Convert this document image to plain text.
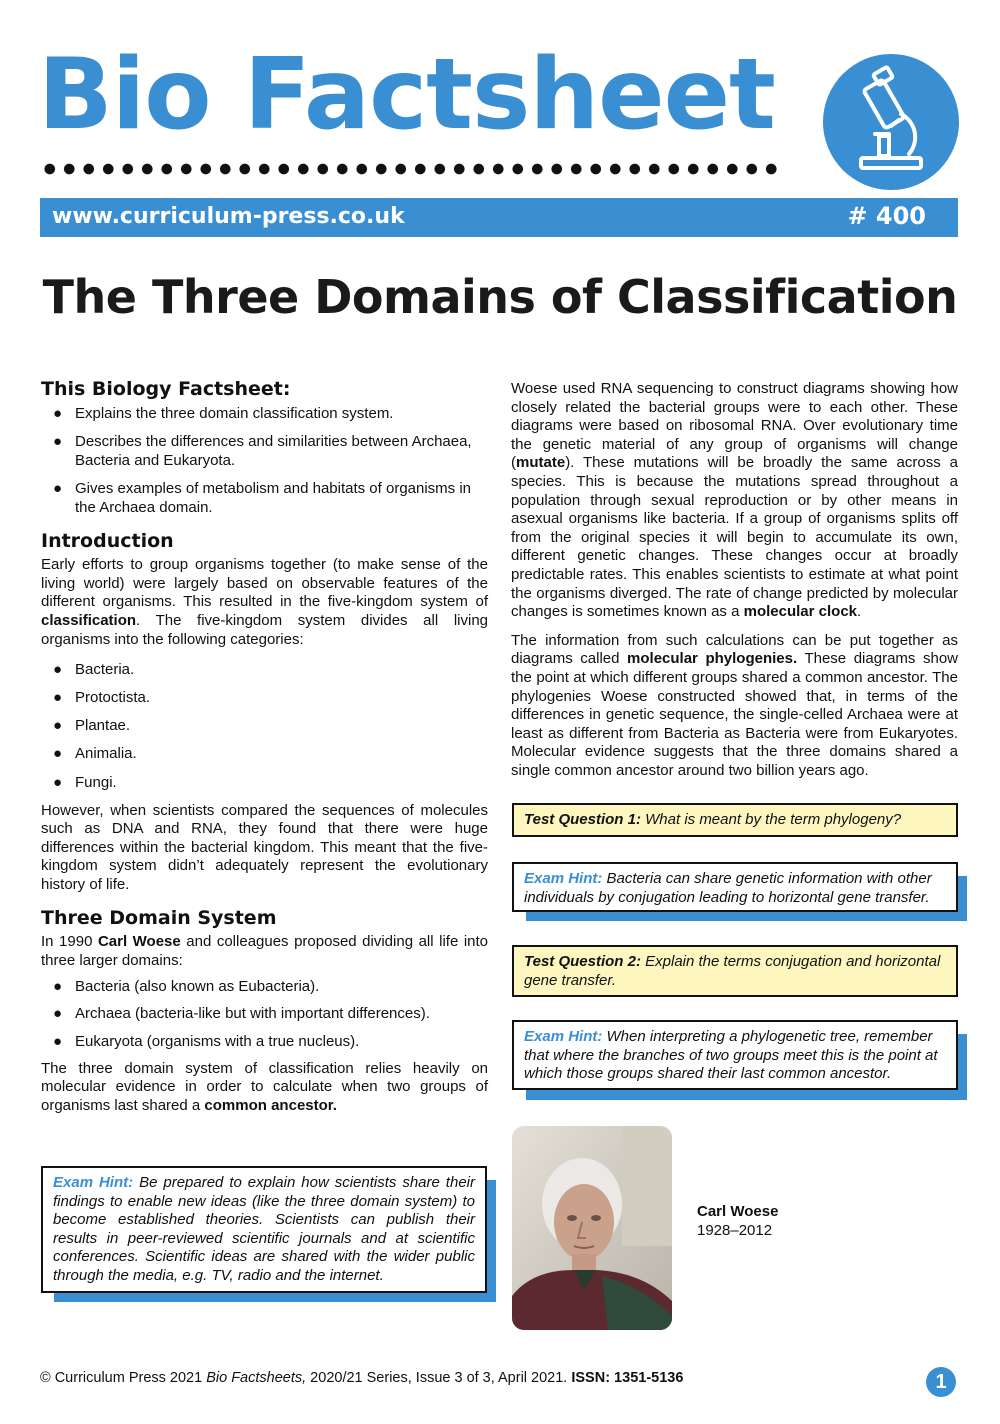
Bio Factsheet
www.curriculum-press.co.uk	# 400
The Three Domains of Classification
This Biology Factsheet:
● Explains the three domain classification system.
● Describes the differences and similarities between Archaea, Bacteria and Eukaryota.
● Gives examples of metabolism and habitats of organisms in the Archaea domain.
Introduction

Early efforts to group organisms together (to make sense of the living world) were largely based on observable features of the different organisms. This resulted in the five-kingdom system of classification. The five-kingdom system divides all living organisms into the following categories:

● Bacteria.
● Protoctista.
● Plantae.
● Animalia.
● Fungi.

However, when scientists compared the sequences of molecules such as DNA and RNA, they found that there were huge differences within the bacterial kingdom. This meant that the five-kingdom system didn’t adequately represent the evolutionary history of life.

Three Domain System

In 1990 Carl Woese and colleagues proposed dividing all life into three larger domains:

● Bacteria (also known as Eubacteria).
● Archaea (bacteria-like but with important differences).
● Eukaryota (organisms with a true nucleus).

The three domain system of classification relies heavily on molecular evidence in order to calculate when two groups of organisms last shared a common ancestor.

Exam Hint: Be prepared to explain how scientists share their findings to enable new ideas (like the three domain system) to become established theories. Scientists can publish their results in peer-reviewed scientific journals and at scientific conferences. Scientific ideas are shared with the wider public through the media, e.g. TV, radio and the internet.

Woese used RNA sequencing to construct diagrams showing how closely related the bacterial groups were to each other. These diagrams were based on ribosomal RNA. Over evolutionary time the genetic material of any group of organisms will change (mutate). These mutations will be broadly the same across a species. This is because the mutations spread throughout a population through sexual reproduction or by other means in asexual organisms like bacteria. If a group of organisms splits off from the original species it will begin to accumulate its own, different genetic changes. These changes occur at broadly predictable rates. This enables scientists to estimate at what point the organisms diverged. The rate of change predicted by molecular changes is sometimes known as a molecular clock.

The information from such calculations can be put together as diagrams called molecular phylogenies. These diagrams show the point at which different groups shared a common ancestor. The phylogenies Woese constructed showed that, in terms of the differences in genetic sequence, the single-celled Archaea were at least as different from Bacteria as Bacteria were from Eukaryotes. Molecular evidence suggests that the three domains shared a single common ancestor around two billion years ago.

Test Question 1: What is meant by the term phylogeny?
Exam Hint: Bacteria can share genetic information with other individuals by conjugation leading to horizontal gene transfer.
Test Question 2: Explain the terms conjugation and horizontal gene transfer.
Exam Hint: When interpreting a phylogenetic tree, remember that where the branches of two groups meet this is the point at which those groups shared their last common ancestor.
Carl Woese
1928–2012
© Curriculum Press 2021 Bio Factsheets, 2020/21 Series, Issue 3 of 3, April 2021. ISSN: 1351-5136	1
